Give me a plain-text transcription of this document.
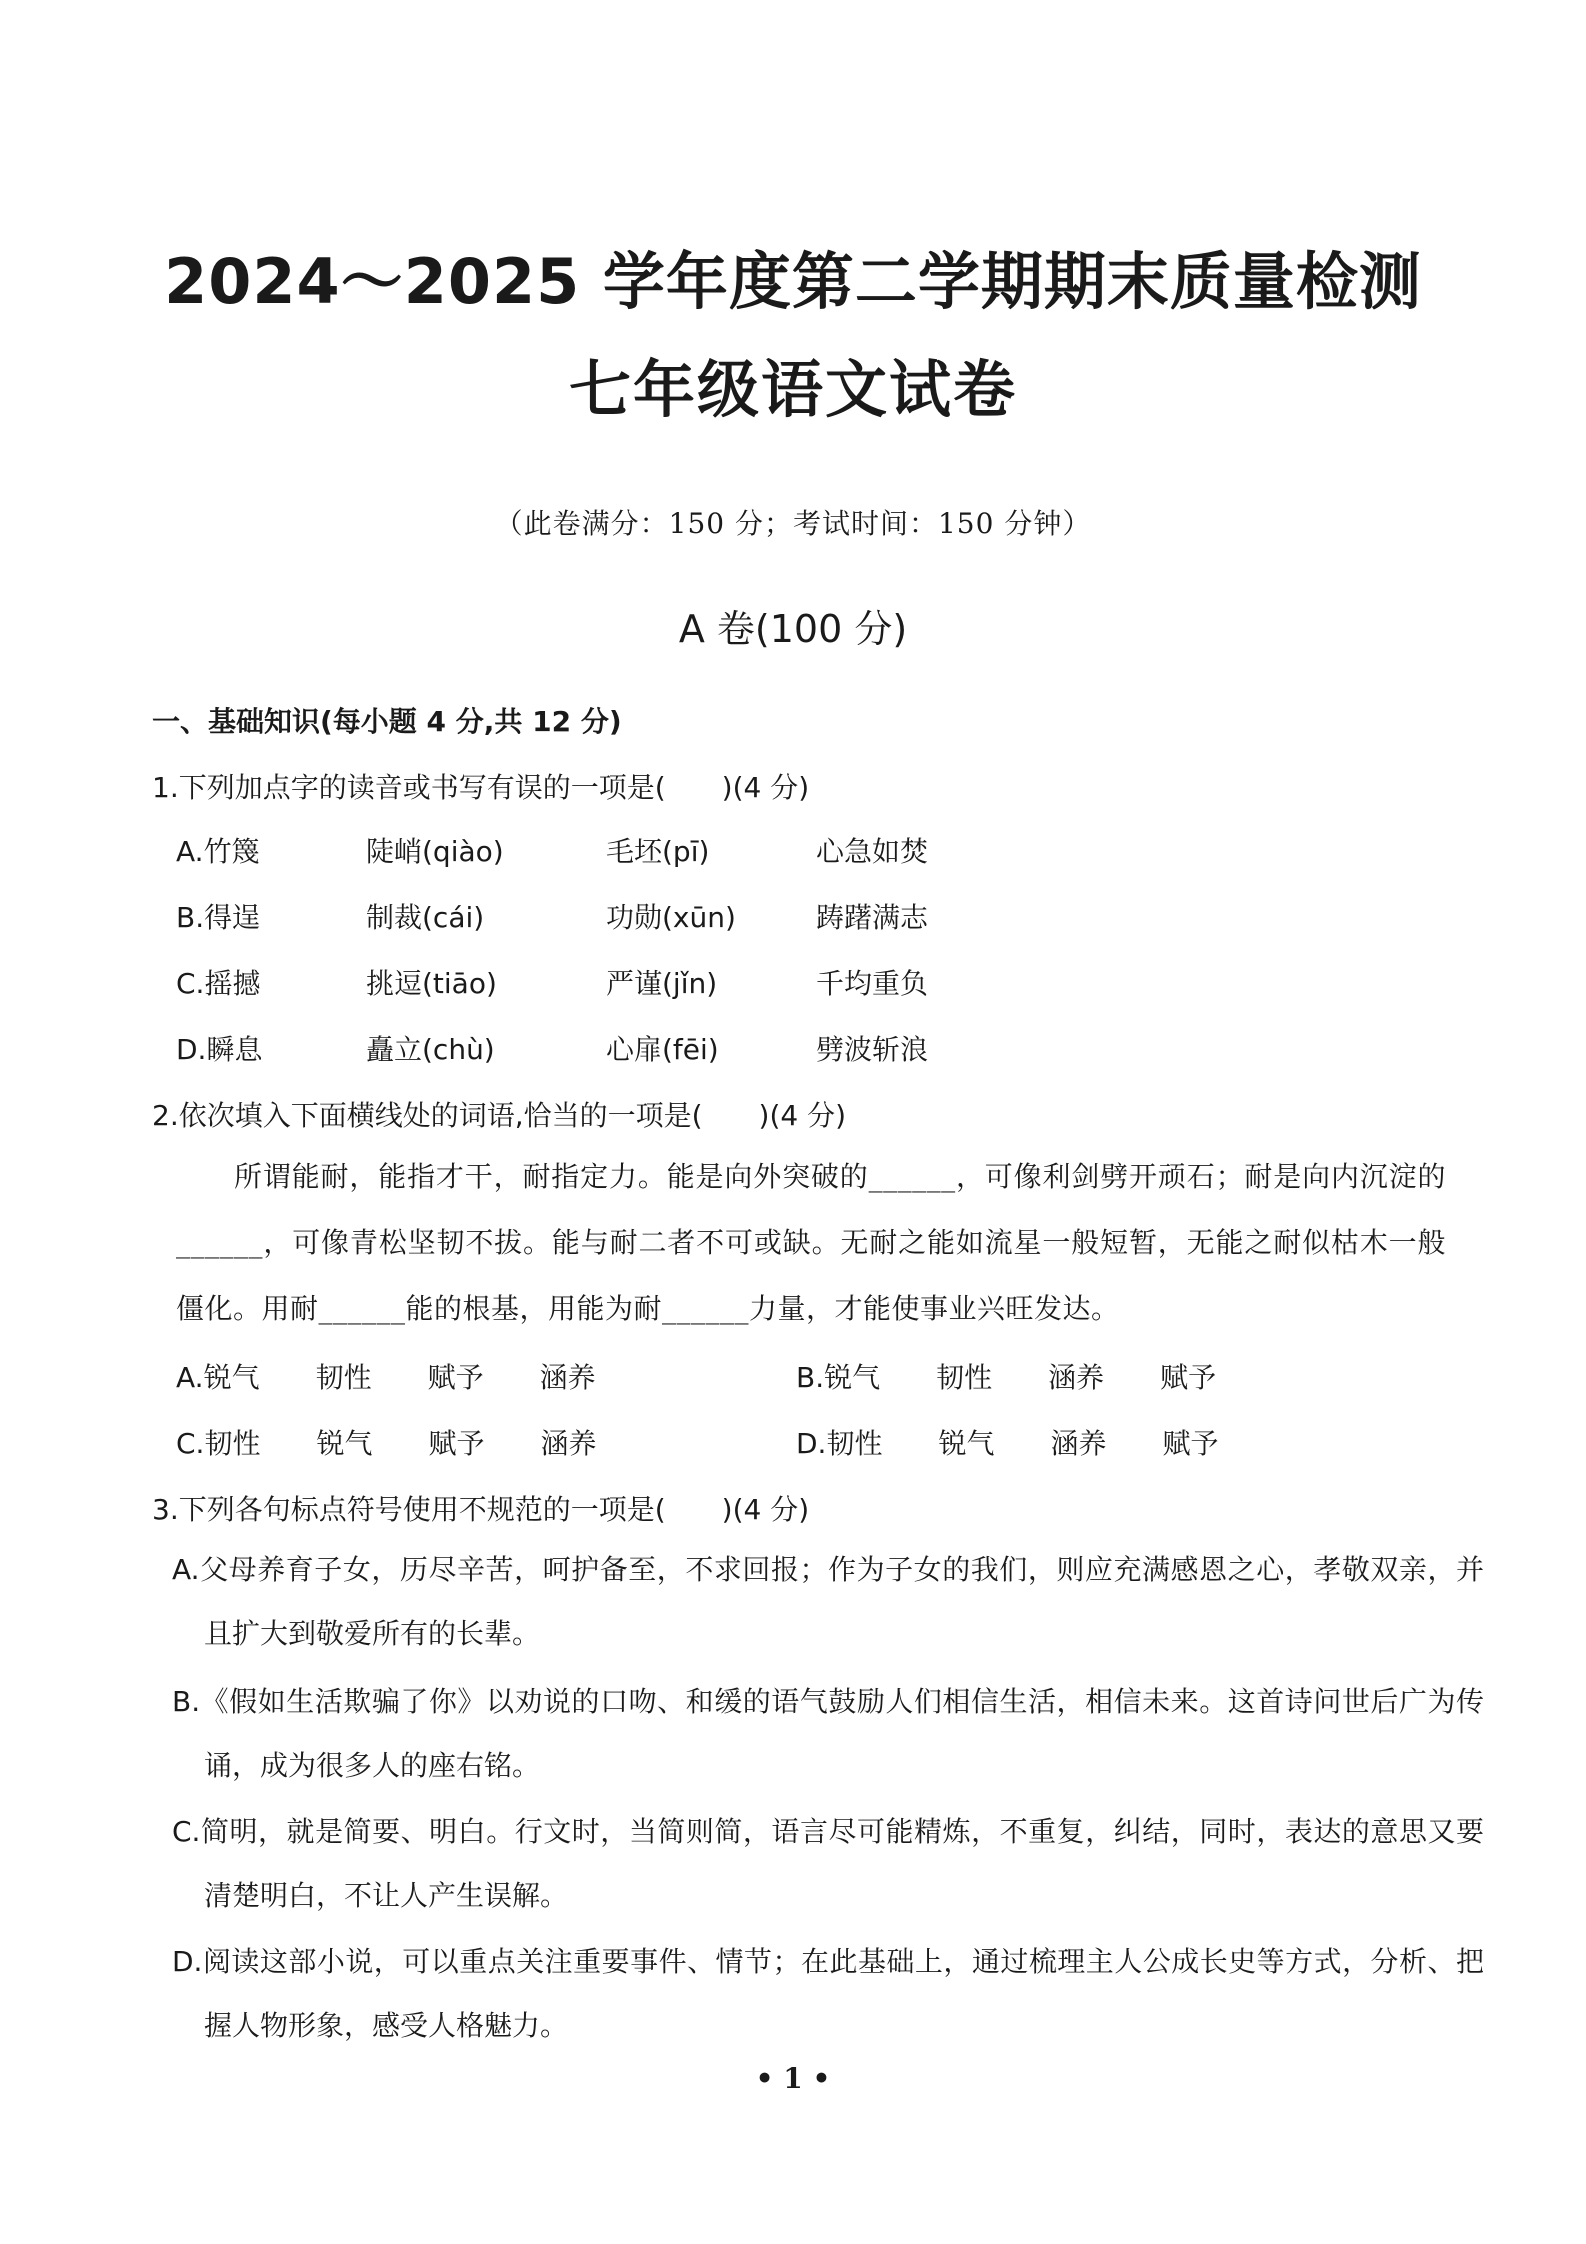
2024～2025 学年度第二学期期末质量检测
七年级语文试卷
（此卷满分：150 分；考试时间：150 分钟）
A 卷(100 分)
一、基础知识(每小题 4 分,共 12 分)
1.下列加点字的读音或书写有误的一项是(　　)(4 分)
A.竹篾	陡峭(qiào)	毛坯(pī)	心急如焚
B.得逞	制裁(cái)	功勋(xūn)	踌躇满志
C.摇撼	挑逗(tiāo)	严谨(jǐn)	千均重负
D.瞬息	矗立(chù)	心扉(fēi)	劈波斩浪
2.依次填入下面横线处的词语,恰当的一项是(　　)(4 分)
所谓能耐，能指才干，耐指定力。能是向外突破的______，可像利剑劈开顽石；耐是向内沉淀的______，可像青松坚韧不拔。能与耐二者不可或缺。无耐之能如流星一般短暂，无能之耐似枯木一般僵化。用耐______能的根基，用能为耐______力量，才能使事业兴旺发达。
A.锐气　　韧性　　赋予　　涵养	B.锐气　　韧性　　涵养　　赋予
C.韧性　　锐气　　赋予　　涵养	D.韧性　　锐气　　涵养　　赋予
3.下列各句标点符号使用不规范的一项是(　　)(4 分)
A.父母养育子女，历尽辛苦，呵护备至，不求回报；作为子女的我们，则应充满感恩之心，孝敬双亲，并且扩大到敬爱所有的长辈。
B.《假如生活欺骗了你》以劝说的口吻、和缓的语气鼓励人们相信生活，相信未来。这首诗问世后广为传诵，成为很多人的座右铭。
C.简明，就是简要、明白。行文时，当简则简，语言尽可能精炼，不重复，纠结，同时，表达的意思又要清楚明白，不让人产生误解。
D.阅读这部小说，可以重点关注重要事件、情节；在此基础上，通过梳理主人公成长史等方式，分析、把握人物形象，感受人格魅力。
• 1 •
